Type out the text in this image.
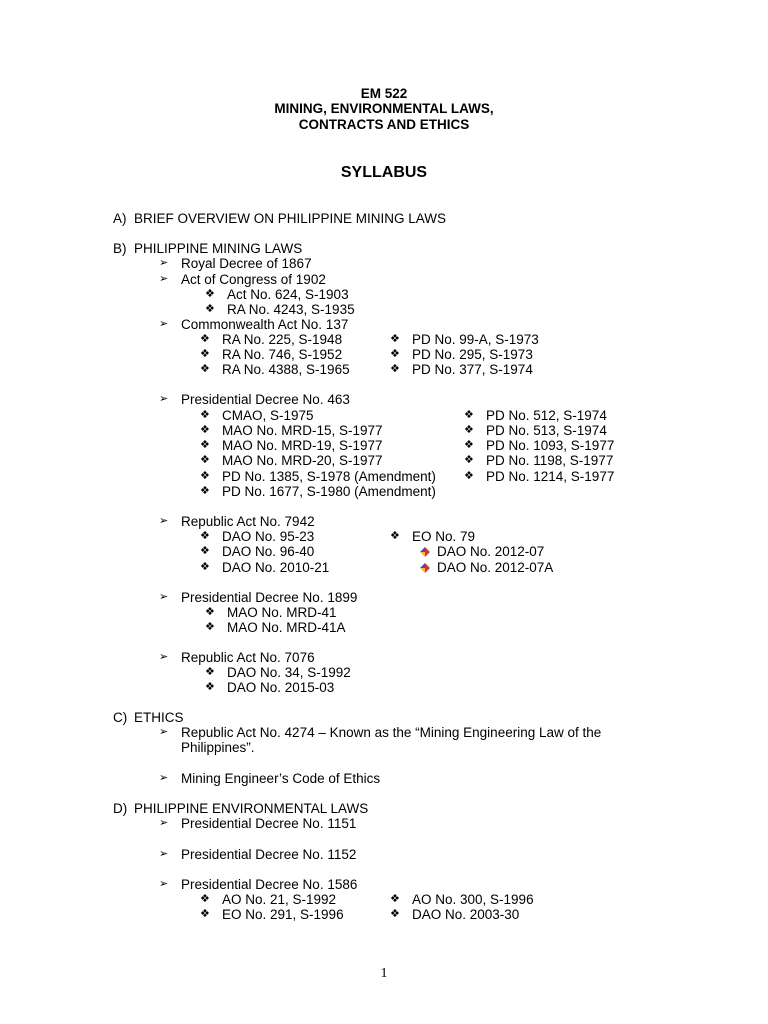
EM 522
MINING, ENVIRONMENTAL LAWS,
CONTRACTS AND ETHICS
SYLLABUS
A) BRIEF OVERVIEW ON PHILIPPINE MINING LAWS
B) PHILIPPINE MINING LAWS
➢ Royal Decree of 1867
➢ Act of Congress of 1902
❖ Act No. 624, S-1903
❖ RA No. 4243, S-1935
➢ Commonwealth Act No. 137
❖ RA No. 225, S-1948
❖ RA No. 746, S-1952
❖ RA No. 4388, S-1965
❖ PD No. 99-A, S-1973
❖ PD No. 295, S-1973
❖ PD No. 377, S-1974
➢ Presidential Decree No. 463
❖ CMAO, S-1975
❖ MAO No. MRD-15, S-1977
❖ MAO No. MRD-19, S-1977
❖ MAO No. MRD-20, S-1977
❖ PD No. 1385, S-1978 (Amendment)
❖ PD No. 1677, S-1980 (Amendment)
❖ PD No. 512, S-1974
❖ PD No. 513, S-1974
❖ PD No. 1093, S-1977
❖ PD No. 1198, S-1977
❖ PD No. 1214, S-1977
➢ Republic Act No. 7942
❖ DAO No. 95-23
❖ DAO No. 96-40
❖ DAO No. 2010-21
❖ EO No. 79
DAO No. 2012-07
DAO No. 2012-07A
➢ Presidential Decree No. 1899
❖ MAO No. MRD-41
❖ MAO No. MRD-41A
➢ Republic Act No. 7076
❖ DAO No. 34, S-1992
❖ DAO No. 2015-03
C) ETHICS
➢ Republic Act No. 4274 – Known as the “Mining Engineering Law of the
Philippines”.
➢ Mining Engineer’s Code of Ethics
D) PHILIPPINE ENVIRONMENTAL LAWS
➢ Presidential Decree No. 1151
➢ Presidential Decree No. 1152
➢ Presidential Decree No. 1586
❖ AO No. 21, S-1992
❖ EO No. 291, S-1996
❖ AO No. 300, S-1996
❖ DAO No. 2003-30
1
